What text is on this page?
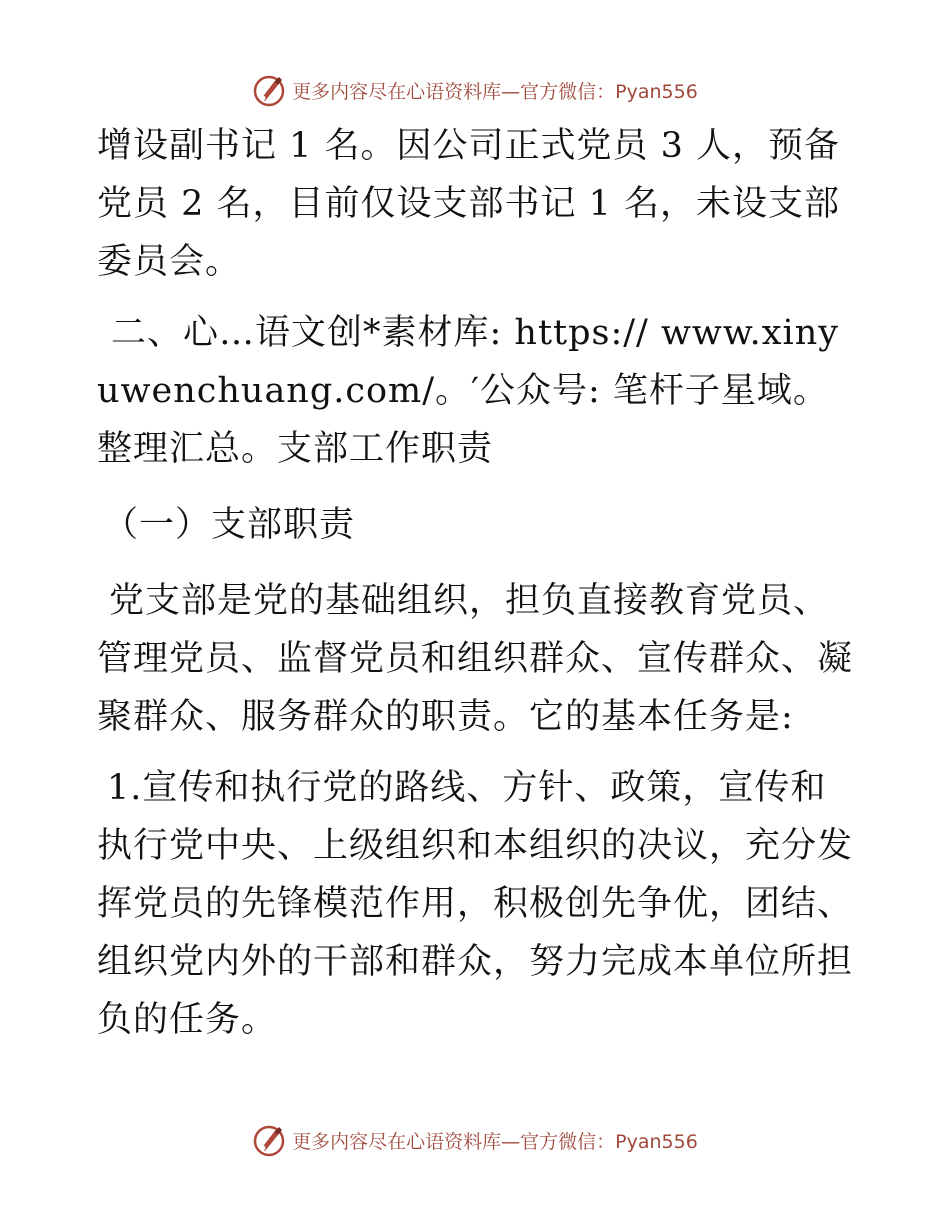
更多内容尽在心语资料库—官方微信：Pyan556

增设副书记 1 名。因公司正式党员 3 人，预备党员 2 名，目前仅设支部书记 1 名，未设支部委员会。

二、心…语文创*素材库: https:// www.xinyuwenchuang.com/。′公众号: 笔杆子星域。整理汇总。支部工作职责

（一）支部职责

党支部是党的基础组织，担负直接教育党员、管理党员、监督党员和组织群众、宣传群众、凝聚群众、服务群众的职责。它的基本任务是:

1.宣传和执行党的路线、方针、政策，宣传和执行党中央、上级组织和本组织的决议，充分发挥党员的先锋模范作用，积极创先争优，团结、组织党内外的干部和群众，努力完成本单位所担负的任务。

更多内容尽在心语资料库—官方微信：Pyan556
